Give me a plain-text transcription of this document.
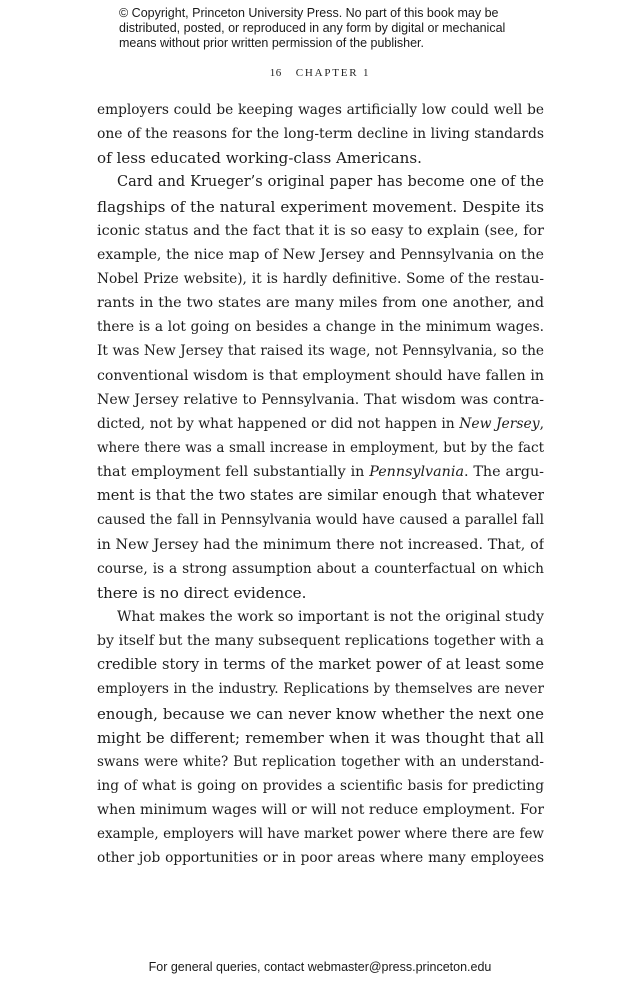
© Copyright, Princeton University Press. No part of this book may be
distributed, posted, or reproduced in any form by digital or mechanical
means without prior written permission of the publisher.
16 CHAPTER 1
employers could be keeping wages artificially low could well be
one of the reasons for the long-term decline in living standards
of less educated working-class Americans.
Card and Krueger’s original paper has become one of the
flagships of the natural experiment movement. Despite its
iconic status and the fact that it is so easy to explain (see, for
example, the nice map of New Jersey and Pennsylvania on the
Nobel Prize website), it is hardly definitive. Some of the restau-
rants in the two states are many miles from one another, and
there is a lot going on besides a change in the minimum wages.
It was New Jersey that raised its wage, not Pennsylvania, so the
conventional wisdom is that employment should have fallen in
New Jersey relative to Pennsylvania. That wisdom was contra-
dicted, not by what happened or did not happen in New Jersey,
where there was a small increase in employment, but by the fact
that employment fell substantially in Pennsylvania. The argu-
ment is that the two states are similar enough that whatever
caused the fall in Pennsylvania would have caused a parallel fall
in New Jersey had the minimum there not increased. That, of
course, is a strong assumption about a counterfactual on which
there is no direct evidence.
What makes the work so important is not the original study
by itself but the many subsequent replications together with a
credible story in terms of the market power of at least some
employers in the industry. Replications by themselves are never
enough, because we can never know whether the next one
might be different; remember when it was thought that all
swans were white? But replication together with an understand-
ing of what is going on provides a scientific basis for predicting
when minimum wages will or will not reduce employment. For
example, employers will have market power where there are few
other job opportunities or in poor areas where many employees
For general queries, contact webmaster@press.princeton.edu
